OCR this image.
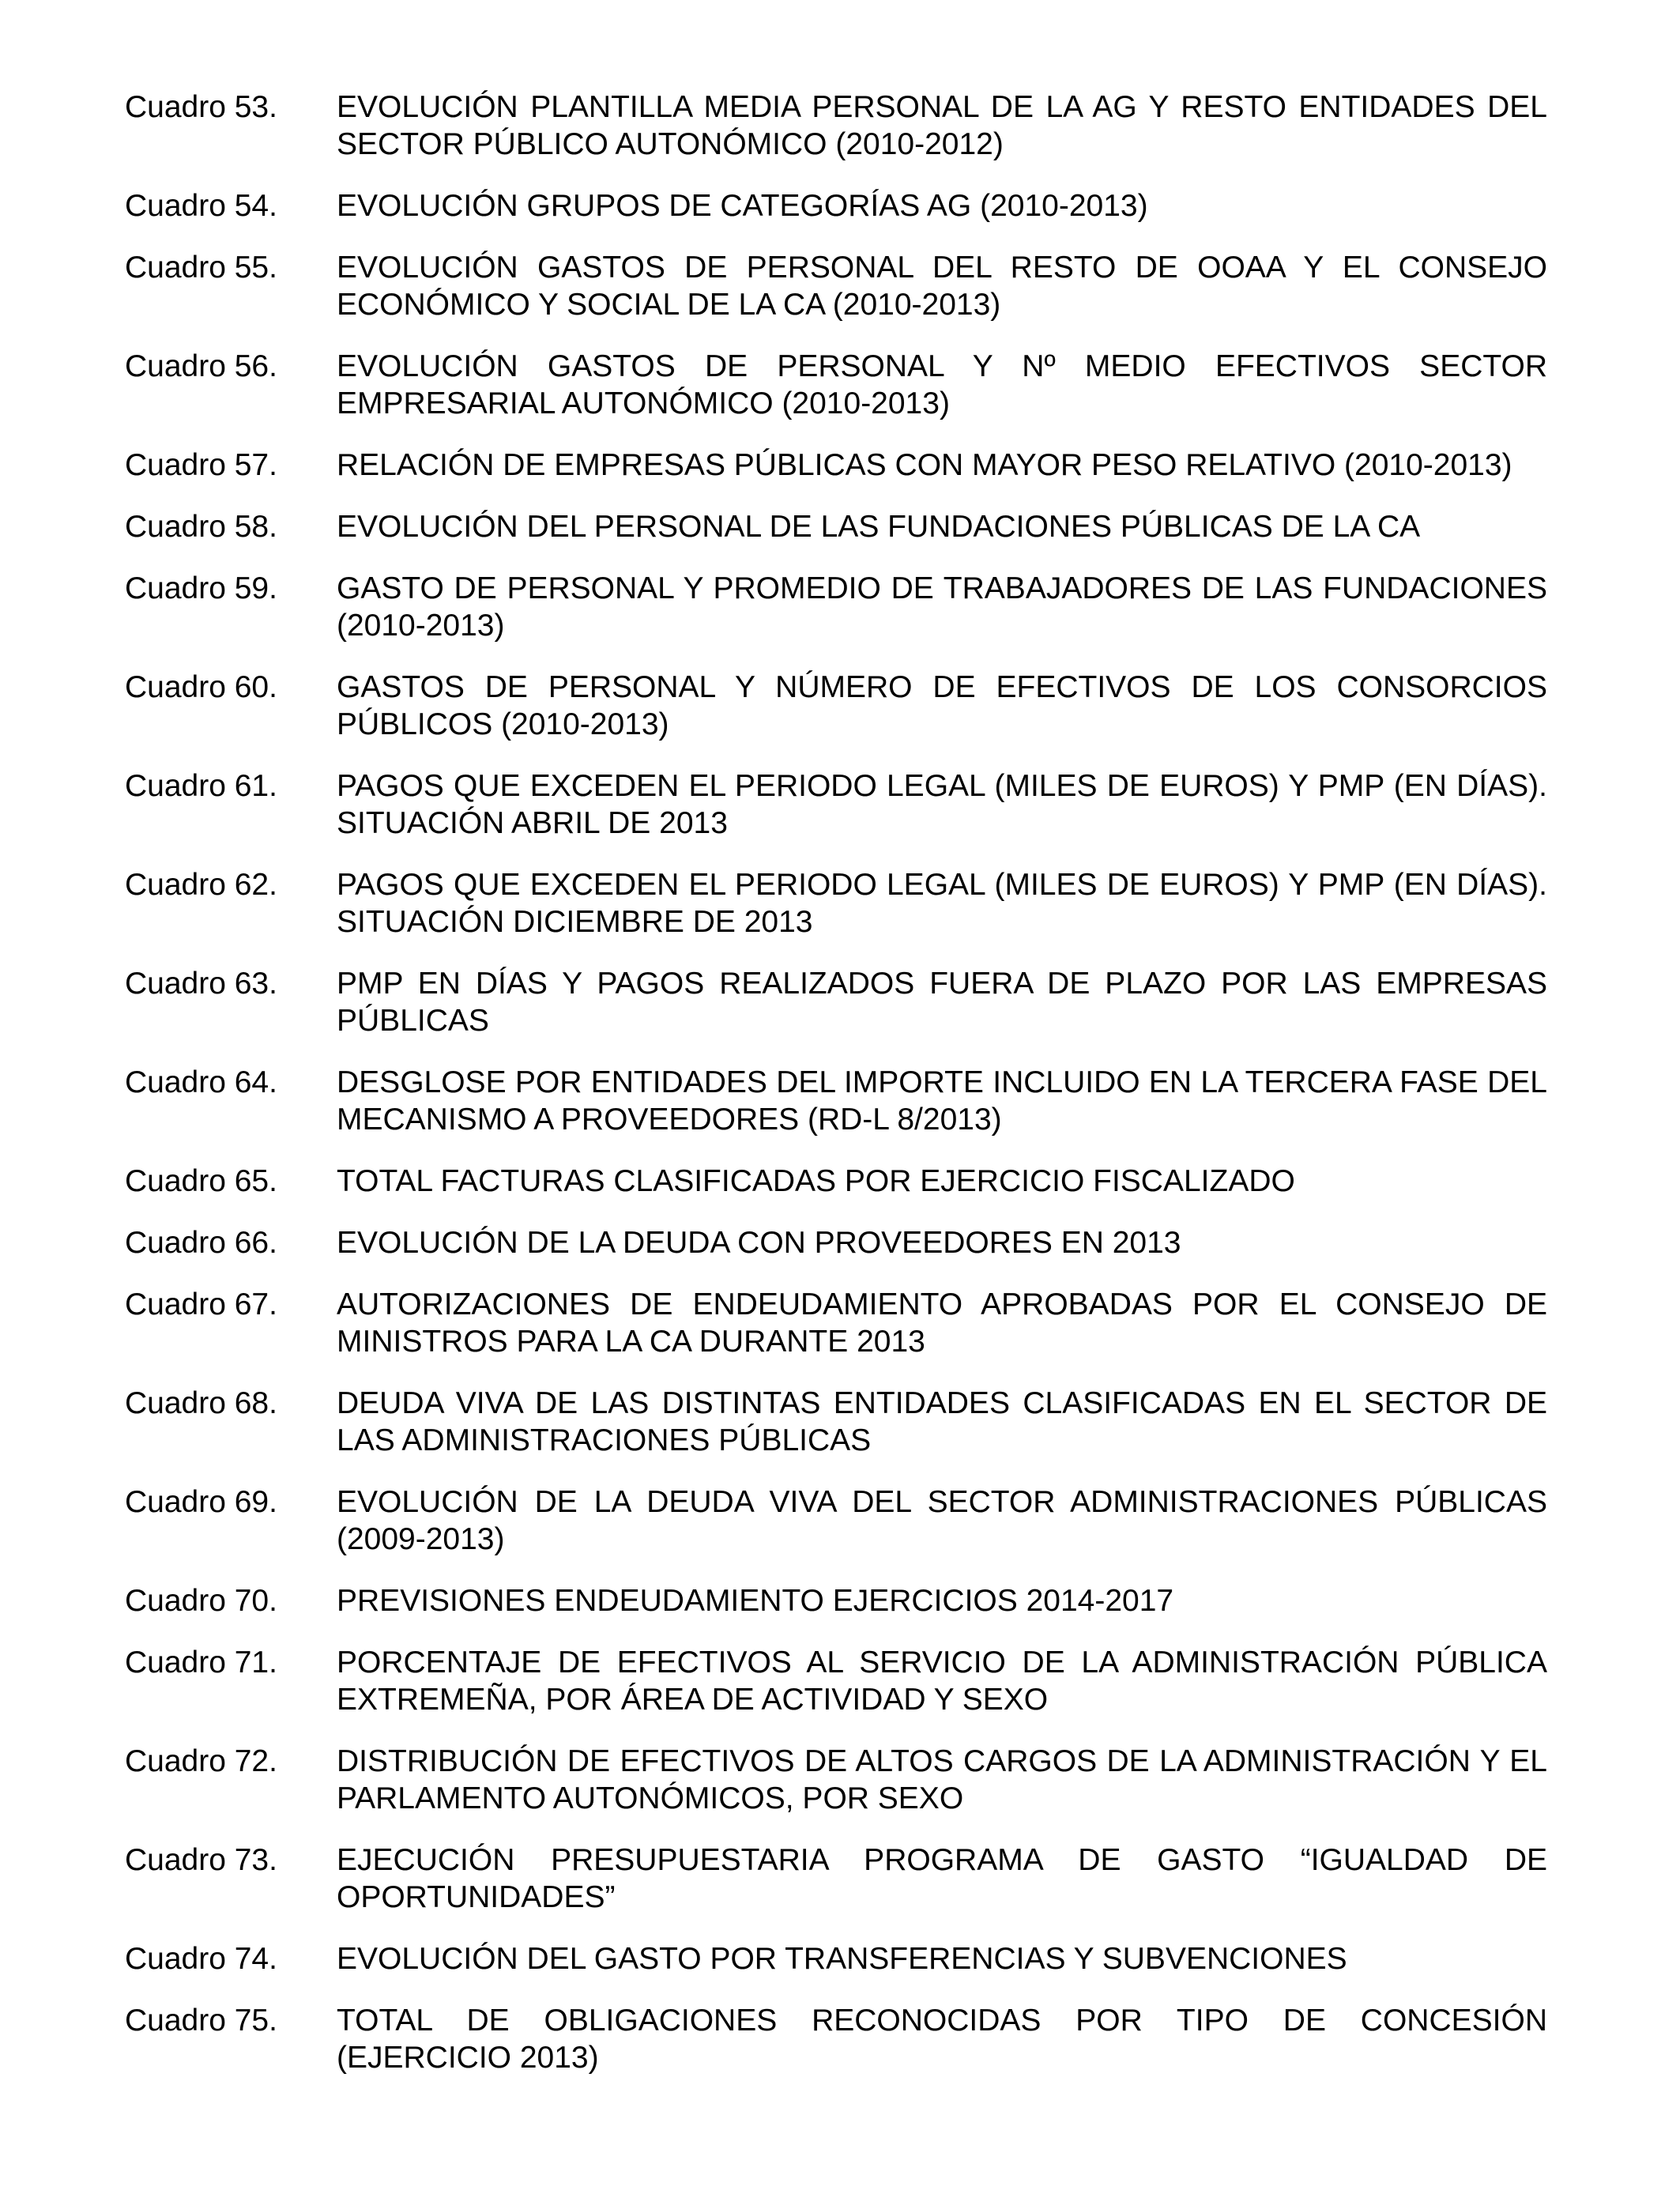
Cuadro 53.	EVOLUCIÓN PLANTILLA MEDIA PERSONAL DE LA AG Y RESTO ENTIDADES DEL SECTOR PÚBLICO AUTONÓMICO (2010-2012)
Cuadro 54.	EVOLUCIÓN GRUPOS DE CATEGORÍAS AG (2010-2013)
Cuadro 55.	EVOLUCIÓN GASTOS DE PERSONAL DEL RESTO DE OOAA Y EL CONSEJO ECONÓMICO Y SOCIAL DE LA CA (2010-2013)
Cuadro 56.	EVOLUCIÓN GASTOS DE PERSONAL Y Nº MEDIO EFECTIVOS SECTOR EMPRESARIAL AUTONÓMICO (2010-2013)
Cuadro 57.	RELACIÓN DE EMPRESAS PÚBLICAS CON MAYOR PESO RELATIVO (2010-2013)
Cuadro 58.	EVOLUCIÓN DEL PERSONAL DE LAS FUNDACIONES PÚBLICAS DE LA CA
Cuadro 59.	GASTO DE PERSONAL Y PROMEDIO DE TRABAJADORES DE LAS FUNDACIONES (2010-2013)
Cuadro 60.	GASTOS DE PERSONAL Y NÚMERO DE EFECTIVOS DE LOS CONSORCIOS PÚBLICOS (2010-2013)
Cuadro 61.	PAGOS QUE EXCEDEN EL PERIODO LEGAL (MILES DE EUROS) Y PMP (EN DÍAS). SITUACIÓN ABRIL DE 2013
Cuadro 62.	PAGOS QUE EXCEDEN EL PERIODO LEGAL (MILES DE EUROS) Y PMP (EN DÍAS). SITUACIÓN DICIEMBRE DE 2013
Cuadro 63.	PMP EN DÍAS Y PAGOS REALIZADOS FUERA DE PLAZO POR LAS EMPRESAS PÚBLICAS
Cuadro 64.	DESGLOSE POR ENTIDADES DEL IMPORTE INCLUIDO EN LA TERCERA FASE DEL MECANISMO A PROVEEDORES (RD-L 8/2013)
Cuadro 65.	TOTAL FACTURAS CLASIFICADAS POR EJERCICIO FISCALIZADO
Cuadro 66.	EVOLUCIÓN DE LA DEUDA CON PROVEEDORES EN 2013
Cuadro 67.	AUTORIZACIONES DE ENDEUDAMIENTO APROBADAS POR EL CONSEJO DE MINISTROS PARA LA CA DURANTE 2013
Cuadro 68.	DEUDA VIVA DE LAS DISTINTAS ENTIDADES CLASIFICADAS EN EL SECTOR DE LAS ADMINISTRACIONES PÚBLICAS
Cuadro 69.	EVOLUCIÓN DE LA DEUDA VIVA DEL SECTOR ADMINISTRACIONES PÚBLICAS (2009-2013)
Cuadro 70.	PREVISIONES ENDEUDAMIENTO EJERCICIOS 2014-2017
Cuadro 71.	PORCENTAJE DE EFECTIVOS AL SERVICIO DE LA ADMINISTRACIÓN PÚBLICA EXTREMEÑA, POR ÁREA DE ACTIVIDAD Y SEXO
Cuadro 72.	DISTRIBUCIÓN DE EFECTIVOS DE ALTOS CARGOS DE LA ADMINISTRACIÓN Y EL PARLAMENTO AUTONÓMICOS, POR SEXO
Cuadro 73.	EJECUCIÓN PRESUPUESTARIA PROGRAMA DE GASTO “IGUALDAD DE OPORTUNIDADES”
Cuadro 74.	EVOLUCIÓN DEL GASTO POR TRANSFERENCIAS Y SUBVENCIONES
Cuadro 75.	TOTAL DE OBLIGACIONES RECONOCIDAS POR TIPO DE CONCESIÓN (EJERCICIO 2013)
